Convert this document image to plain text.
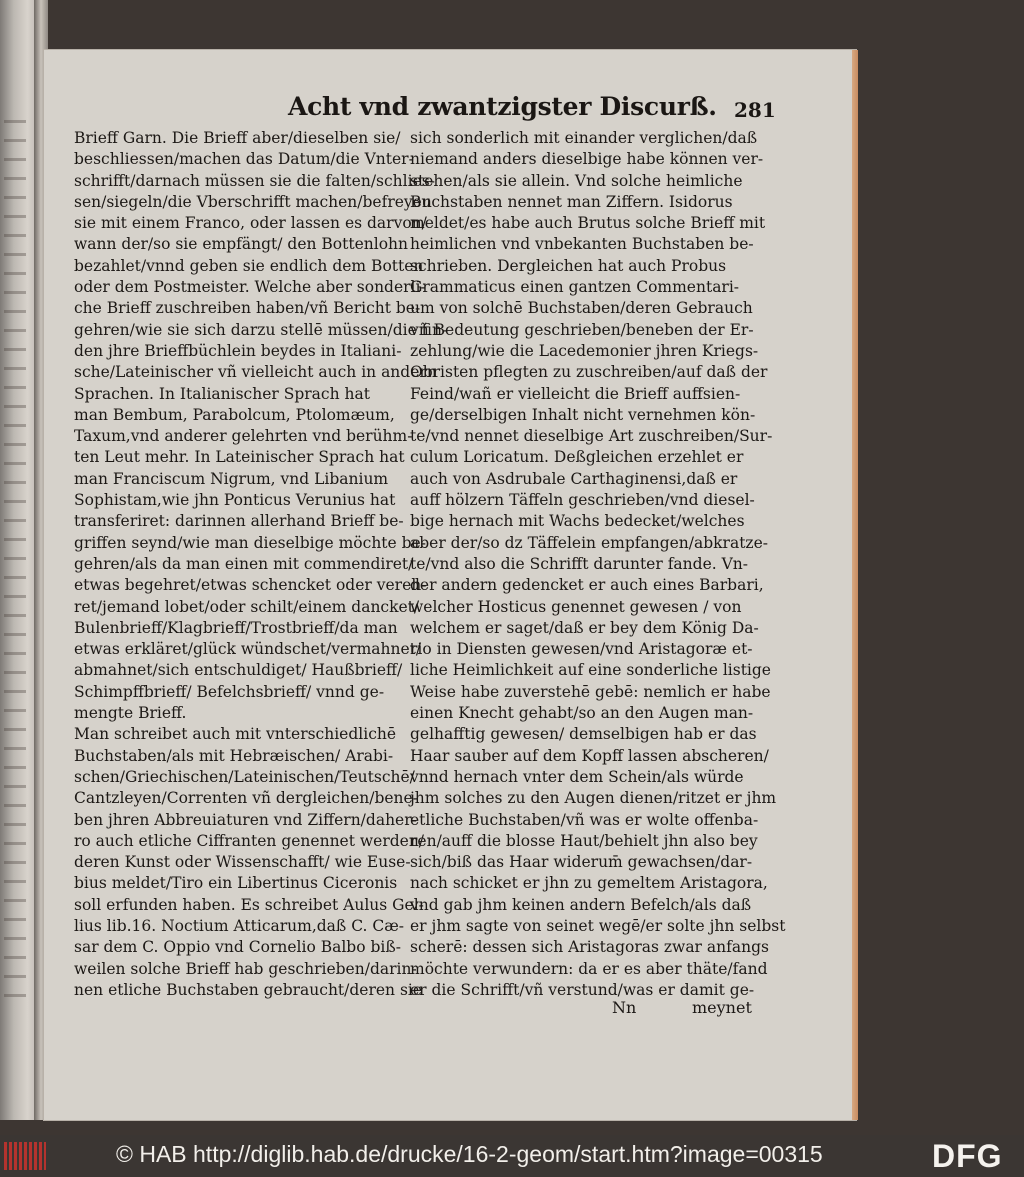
Acht vnd zwantzigster Discurß. 281
Brieff Garn. Die Brieff aber/dieselben sie/
beschliessen/machen das Datum/die Vnter-
schrifft/darnach müssen sie die falten/schlies-
sen/siegeln/die Vberschrifft machen/befreyen
sie mit einem Franco, oder lassen es darvon/
wann der/so sie empfängt/ den Bottenlohn
bezahlet/vnnd geben sie endlich dem Botten
oder dem Postmeister. Welche aber sonderli-
che Brieff zuschreiben haben/vñ Bericht be-
gehren/wie sie sich darzu stellē müssen/die fin-
den jhre Brieffbüchlein beydes in Italiani-
sche/Lateinischer vñ vielleicht auch in andern
Sprachen. In Italianischer Sprach hat
man Bembum, Parabolcum, Ptolomæum,
Taxum,vnd anderer gelehrten vnd berühm-
ten Leut mehr. In Lateinischer Sprach hat
man Franciscum Nigrum, vnd Libanium
Sophistam,wie jhn Ponticus Verunius hat
transferiret: darinnen allerhand Brieff be-
griffen seynd/wie man dieselbige möchte be-
gehren/als da man einen mit commendiret/
etwas begehret/etwas schencket oder vereh-
ret/jemand lobet/oder schilt/einem dancket/
Bulenbrieff/Klagbrieff/Trostbrieff/da man
etwas erkläret/glück wündschet/vermahnet/
abmahnet/sich entschuldiget/ Haußbrieff/
Schimpffbrieff/ Befelchsbrieff/ vnnd ge-
mengte Brieff.
Man schreibet auch mit vnterschiedlichē
Buchstaben/als mit Hebræischen/ Arabi-
schen/Griechischen/Lateinischen/Teutschē/
Cantzleyen/Correnten vñ dergleichen/bene-
ben jhren Abbreuiaturen vnd Ziffern/daher-
ro auch etliche Ciffranten genennet werden/
deren Kunst oder Wissenschafft/ wie Euse-
bius meldet/Tiro ein Libertinus Ciceronis
soll erfunden haben. Es schreibet Aulus Gel-
lius lib.16. Noctium Atticarum,daß C. Cæ-
sar dem C. Oppio vnd Cornelio Balbo biß-
weilen solche Brieff hab geschrieben/darin-
nen etliche Buchstaben gebraucht/deren sie
sich sonderlich mit einander verglichen/daß
niemand anders dieselbige habe können ver-
stehen/als sie allein. Vnd solche heimliche
Buchstaben nennet man Ziffern. Isidorus
meldet/es habe auch Brutus solche Brieff mit
heimlichen vnd vnbekanten Buchstaben be-
schrieben. Dergleichen hat auch Probus
Grammaticus einen gantzen Commentari-
um von solchē Buchstaben/deren Gebrauch
vñ Bedeutung geschrieben/beneben der Er-
zehlung/wie die Lacedemonier jhren Kriegs-
Obristen pflegten zu zuschreiben/auf daß der
Feind/wañ er vielleicht die Brieff auffsien-
ge/derselbigen Inhalt nicht vernehmen kön-
te/vnd nennet dieselbige Art zuschreiben/Sur-
culum Loricatum. Deßgleichen erzehlet er
auch von Asdrubale Carthaginensi,daß er
auff hölzern Täffeln geschrieben/vnd diesel-
bige hernach mit Wachs bedecket/welches
aber der/so dz Täffelein empfangen/abkratze-
te/vnd also die Schrifft darunter fande. Vn-
der andern gedencket er auch eines Barbari,
welcher Hosticus genennet gewesen / von
welchem er saget/daß er bey dem König Da-
rio in Diensten gewesen/vnd Aristagoræ et-
liche Heimlichkeit auf eine sonderliche listige
Weise habe zuverstehē gebē: nemlich er habe
einen Knecht gehabt/so an den Augen man-
gelhafftig gewesen/ demselbigen hab er das
Haar sauber auf dem Kopff lassen abscheren/
vnnd hernach vnter dem Schein/als würde
jhm solches zu den Augen dienen/ritzet er jhm
etliche Buchstaben/vñ was er wolte offenba-
ren/auff die blosse Haut/behielt jhn also bey
sich/biß das Haar widerum̄ gewachsen/dar-
nach schicket er jhn zu gemeltem Aristagora,
vnd gab jhm keinen andern Befelch/als daß
er jhm sagte von seinet wegē/er solte jhn selbst
scherē: dessen sich Aristagoras zwar anfangs
möchte verwundern: da er es aber thäte/fand
er die Schrifft/vñ verstund/was er damit ge-
Nn	meynet
© HAB http://diglib.hab.de/drucke/16-2-geom/start.htm?image=00315	DFG
